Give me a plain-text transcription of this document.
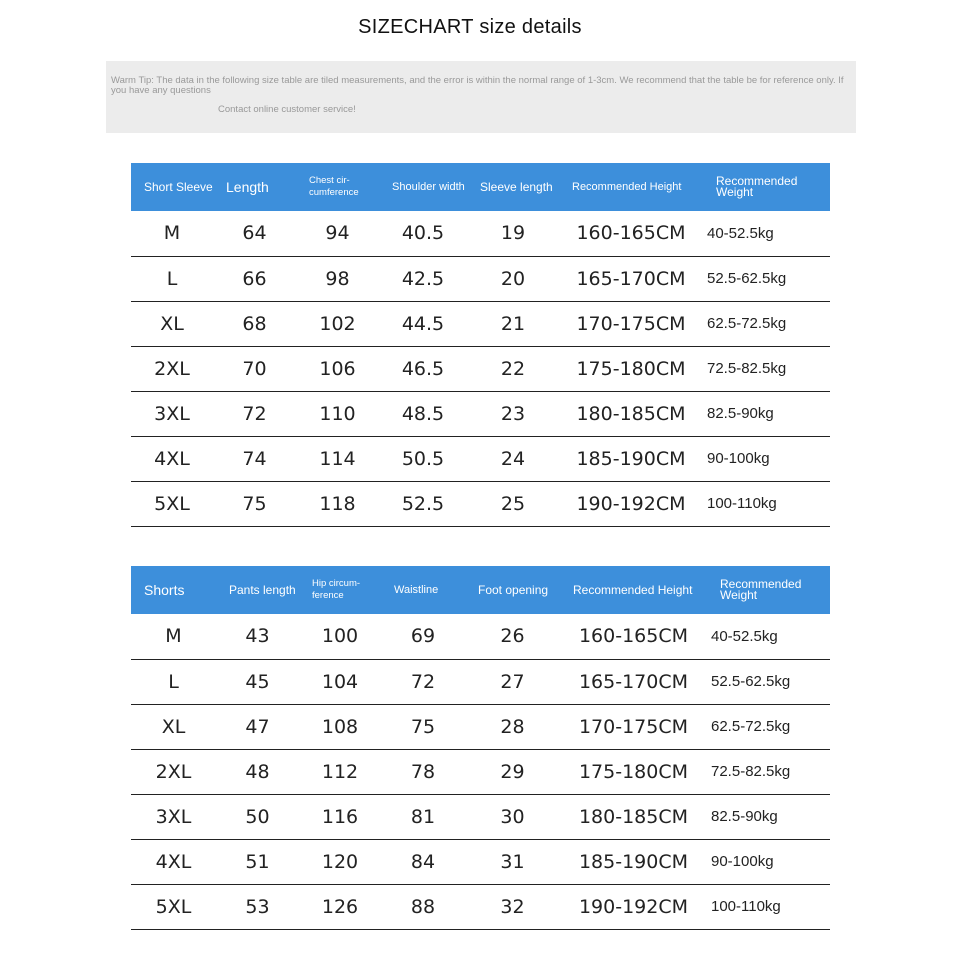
SIZECHART size details
Warm Tip: The data in the following size table are tiled measurements, and the error is within the normal range of 1-3cm. We recommend that the table be for reference only. If you have any questions
Contact online customer service!
Short Sleeve	Length	Chest cir- cumference	Shoulder width	Sleeve length	Recommended Height	Recommended Weight
M	64	94	40.5	19	160-165CM	40-52.5kg
L	66	98	42.5	20	165-170CM	52.5-62.5kg
XL	68	102	44.5	21	170-175CM	62.5-72.5kg
2XL	70	106	46.5	22	175-180CM	72.5-82.5kg
3XL	72	110	48.5	23	180-185CM	82.5-90kg
4XL	74	114	50.5	24	185-190CM	90-100kg
5XL	75	118	52.5	25	190-192CM	100-110kg
Shorts	Pants length	Hip circum- ference	Waistline	Foot opening	Recommended Height	Recommended Weight
M	43	100	69	26	160-165CM	40-52.5kg
L	45	104	72	27	165-170CM	52.5-62.5kg
XL	47	108	75	28	170-175CM	62.5-72.5kg
2XL	48	112	78	29	175-180CM	72.5-82.5kg
3XL	50	116	81	30	180-185CM	82.5-90kg
4XL	51	120	84	31	185-190CM	90-100kg
5XL	53	126	88	32	190-192CM	100-110kg
